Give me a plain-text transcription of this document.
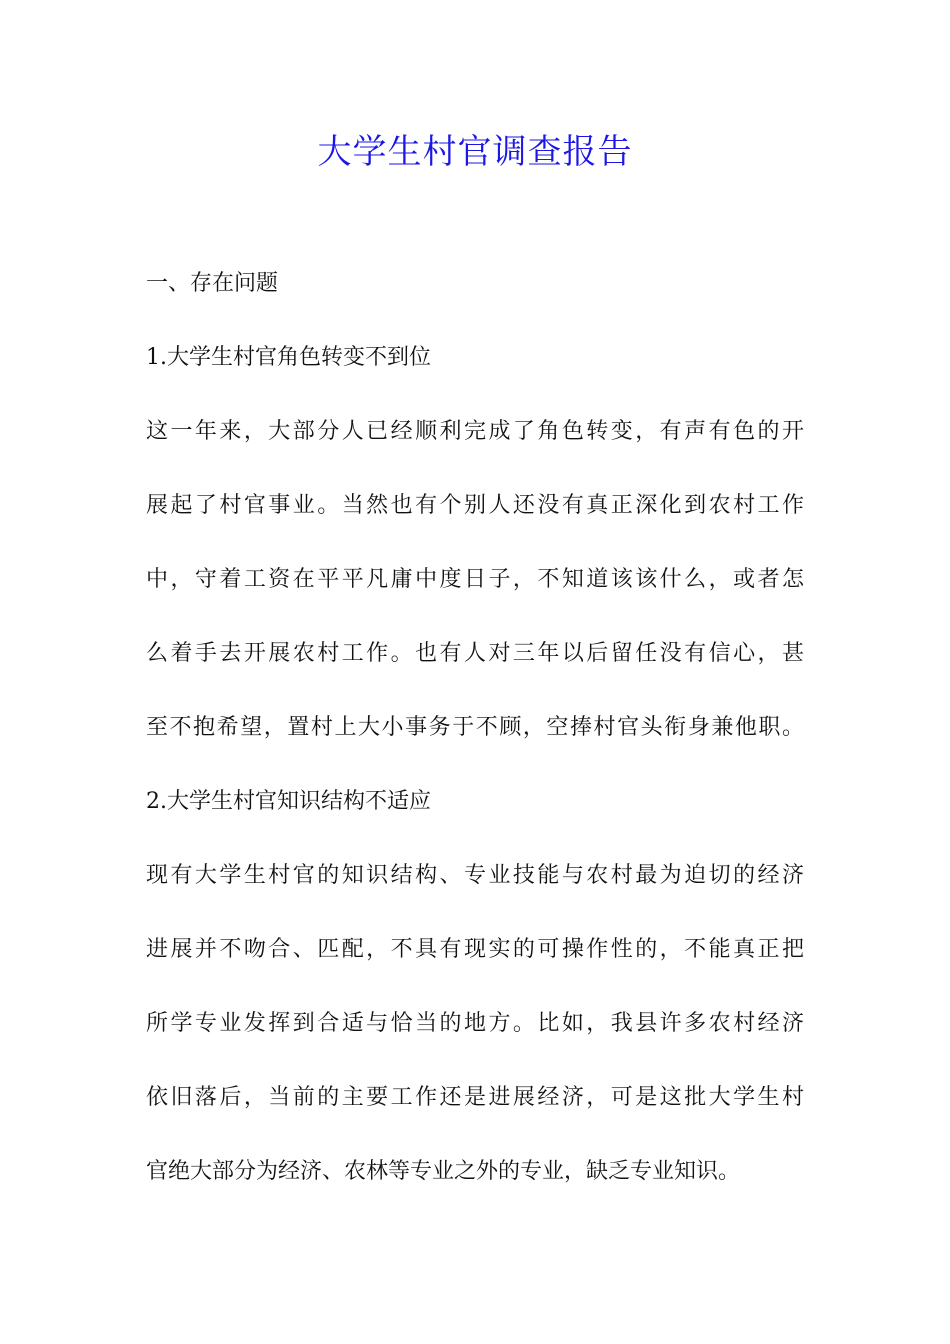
大学生村官调查报告
一、存在问题
1.大学生村官角色转变不到位
这一年来，大部分人已经顺利完成了角色转变，有声有色的开
展起了村官事业。当然也有个别人还没有真正深化到农村工作
中，守着工资在平平凡庸中度日子，不知道该该什么，或者怎
么着手去开展农村工作。也有人对三年以后留任没有信心，甚
至不抱希望，置村上大小事务于不顾，空捧村官头衔身兼他职。
2.大学生村官知识结构不适应
现有大学生村官的知识结构、专业技能与农村最为迫切的经济
进展并不吻合、匹配，不具有现实的可操作性的，不能真正把
所学专业发挥到合适与恰当的地方。比如，我县许多农村经济
依旧落后，当前的主要工作还是进展经济，可是这批大学生村
官绝大部分为经济、农林等专业之外的专业，缺乏专业知识。
